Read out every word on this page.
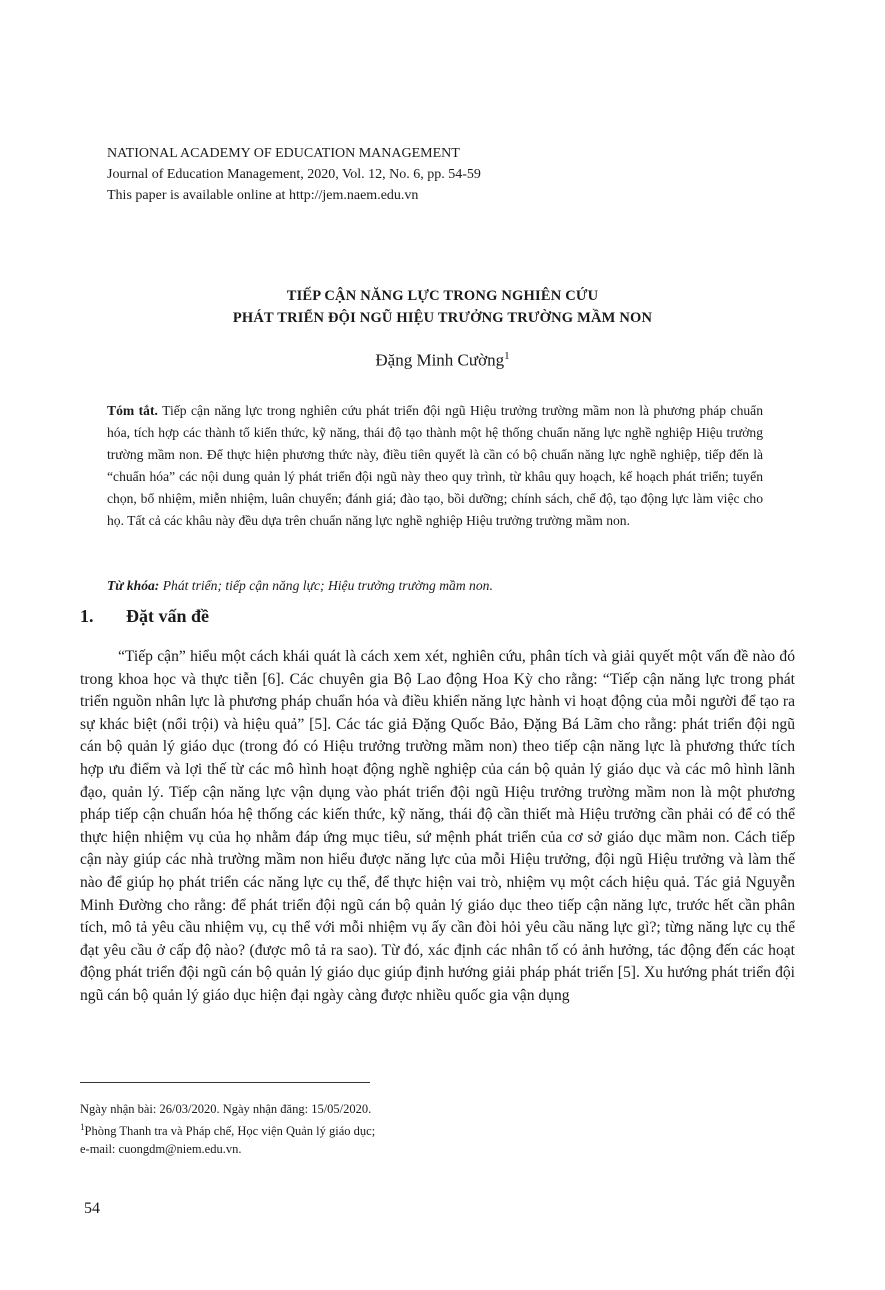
NATIONAL ACADEMY OF EDUCATION MANAGEMENT
Journal of Education Management, 2020, Vol. 12, No. 6, pp. 54-59
This paper is available online at http://jem.naem.edu.vn
TIẾP CẬN NĂNG LỰC TRONG NGHIÊN CỨU
PHÁT TRIỂN ĐỘI NGŨ HIỆU TRƯỞNG TRƯỜNG MẦM NON
Đặng Minh Cường$^1$
Tóm tắt. Tiếp cận năng lực trong nghiên cứu phát triển đội ngũ Hiệu trưởng trường mầm non là phương pháp chuẩn hóa, tích hợp các thành tố kiến thức, kỹ năng, thái độ tạo thành một hệ thống chuẩn năng lực nghề nghiệp Hiệu trưởng trường mầm non. Để thực hiện phương thức này, điều tiên quyết là cần có bộ chuẩn năng lực nghề nghiệp, tiếp đến là “chuẩn hóa” các nội dung quản lý phát triển đội ngũ này theo quy trình, từ khâu quy hoạch, kế hoạch phát triển; tuyển chọn, bổ nhiệm, miễn nhiệm, luân chuyển; đánh giá; đào tạo, bồi dưỡng; chính sách, chế độ, tạo động lực làm việc cho họ. Tất cả các khâu này đều dựa trên chuẩn năng lực nghề nghiệp Hiệu trưởng trường mầm non.
Từ khóa: Phát triển; tiếp cận năng lực; Hiệu trưởng trường mầm non.
1. Đặt vấn đề
“Tiếp cận” hiểu một cách khái quát là cách xem xét, nghiên cứu, phân tích và giải quyết một vấn đề nào đó trong khoa học và thực tiễn [6]. Các chuyên gia Bộ Lao động Hoa Kỳ cho rằng: “Tiếp cận năng lực trong phát triển nguồn nhân lực là phương pháp chuẩn hóa và điều khiển năng lực hành vi hoạt động của mỗi người để tạo ra sự khác biệt (nổi trội) và hiệu quả” [5]. Các tác giả Đặng Quốc Bảo, Đặng Bá Lãm cho rằng: phát triển đội ngũ cán bộ quản lý giáo dục (trong đó có Hiệu trưởng trường mầm non) theo tiếp cận năng lực là phương thức tích hợp ưu điểm và lợi thế từ các mô hình hoạt động nghề nghiệp của cán bộ quản lý giáo dục và các mô hình lãnh đạo, quản lý. Tiếp cận năng lực vận dụng vào phát triển đội ngũ Hiệu trưởng trường mầm non là một phương pháp tiếp cận chuẩn hóa hệ thống các kiến thức, kỹ năng, thái độ cần thiết mà Hiệu trưởng cần phải có để có thể thực hiện nhiệm vụ của họ nhằm đáp ứng mục tiêu, sứ mệnh phát triển của cơ sở giáo dục mầm non. Cách tiếp cận này giúp các nhà trường mầm non hiểu được năng lực của mỗi Hiệu trưởng, đội ngũ Hiệu trưởng và làm thế nào để giúp họ phát triển các năng lực cụ thể, để thực hiện vai trò, nhiệm vụ một cách hiệu quả. Tác giả Nguyễn Minh Đường cho rằng: để phát triển đội ngũ cán bộ quản lý giáo dục theo tiếp cận năng lực, trước hết cần phân tích, mô tả yêu cầu nhiệm vụ, cụ thể với mỗi nhiệm vụ ấy cần đòi hỏi yêu cầu năng lực gì?; từng năng lực cụ thể đạt yêu cầu ở cấp độ nào? (được mô tả ra sao). Từ đó, xác định các nhân tố có ảnh hưởng, tác động đến các hoạt động phát triển đội ngũ cán bộ quản lý giáo dục giúp định hướng giải pháp phát triển [5]. Xu hướng phát triển đội ngũ cán bộ quản lý giáo dục hiện đại ngày càng được nhiều quốc gia vận dụng
Ngày nhận bài: 26/03/2020. Ngày nhận đăng: 15/05/2020.
$^1$Phòng Thanh tra và Pháp chế, Học viện Quản lý giáo dục;
e-mail: cuongdm@niem.edu.vn.
54
